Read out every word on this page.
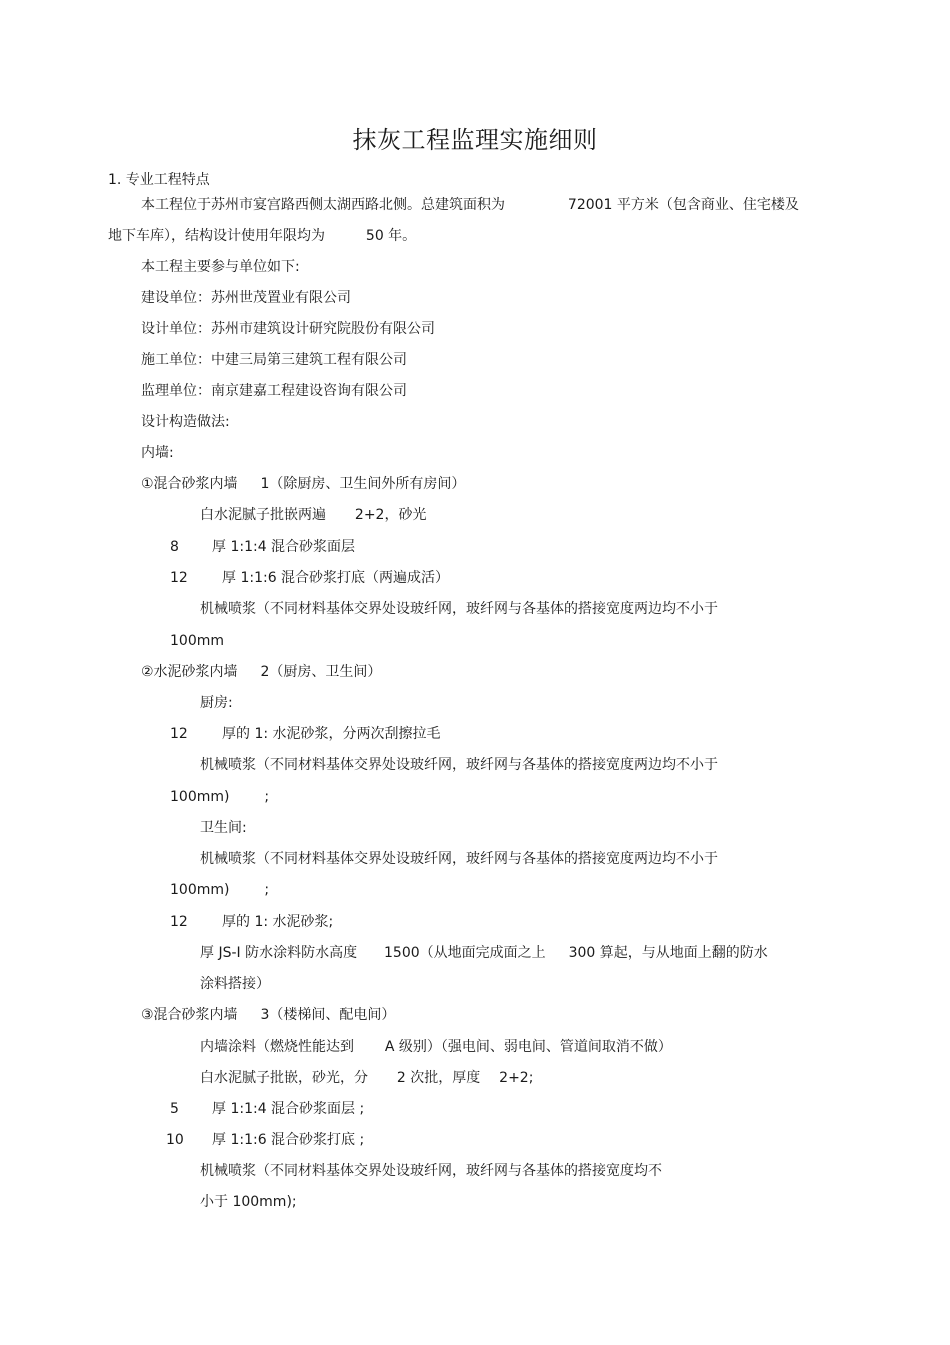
抹灰工程监理实施细则
1. 专业工程特点
本工程位于苏州市宴宫路西侧太湖西路北侧。总建筑面积为	72001 平方米（包含商业、住宅楼及
地下车库），结构设计使用年限均为	50 年。
本工程主要参与单位如下:
建设单位：苏州世茂置业有限公司
设计单位：苏州市建筑设计研究院股份有限公司
施工单位：中建三局第三建筑工程有限公司
监理单位：南京建嘉工程建设咨询有限公司
设计构造做法:
内墙:
①混合砂浆内墙 1（除厨房、卫生间外所有房间）
白水泥腻子批嵌两遍 2+2，砂光
8 厚 1:1:4 混合砂浆面层
12 厚 1:1:6 混合砂浆打底（两遍成活）
机械喷浆（不同材料基体交界处设玻纤网，玻纤网与各基体的搭接宽度两边均不小于
100mm
②水泥砂浆内墙 2（厨房、卫生间）
厨房:
12 厚的 1: 水泥砂浆，分两次刮擦拉毛
机械喷浆（不同材料基体交界处设玻纤网，玻纤网与各基体的搭接宽度两边均不小于
100mm) ;
卫生间:
机械喷浆（不同材料基体交界处设玻纤网，玻纤网与各基体的搭接宽度两边均不小于
100mm) ;
12 厚的 1: 水泥砂浆;
厚 JS-I 防水涂料防水高度 1500（从地面完成面之上 300 算起，与从地面上翻的防水
涂料搭接）
③混合砂浆内墙 3（楼梯间、配电间）
内墙涂料（燃烧性能达到 A 级别）（强电间、弱电间、管道间取消不做）
白水泥腻子批嵌，砂光，分 2 次批，厚度 2+2;
5 厚 1:1:4 混合砂浆面层 ;
10 厚 1:1:6 混合砂浆打底 ;
机械喷浆（不同材料基体交界处设玻纤网，玻纤网与各基体的搭接宽度均不
小于 100mm);
